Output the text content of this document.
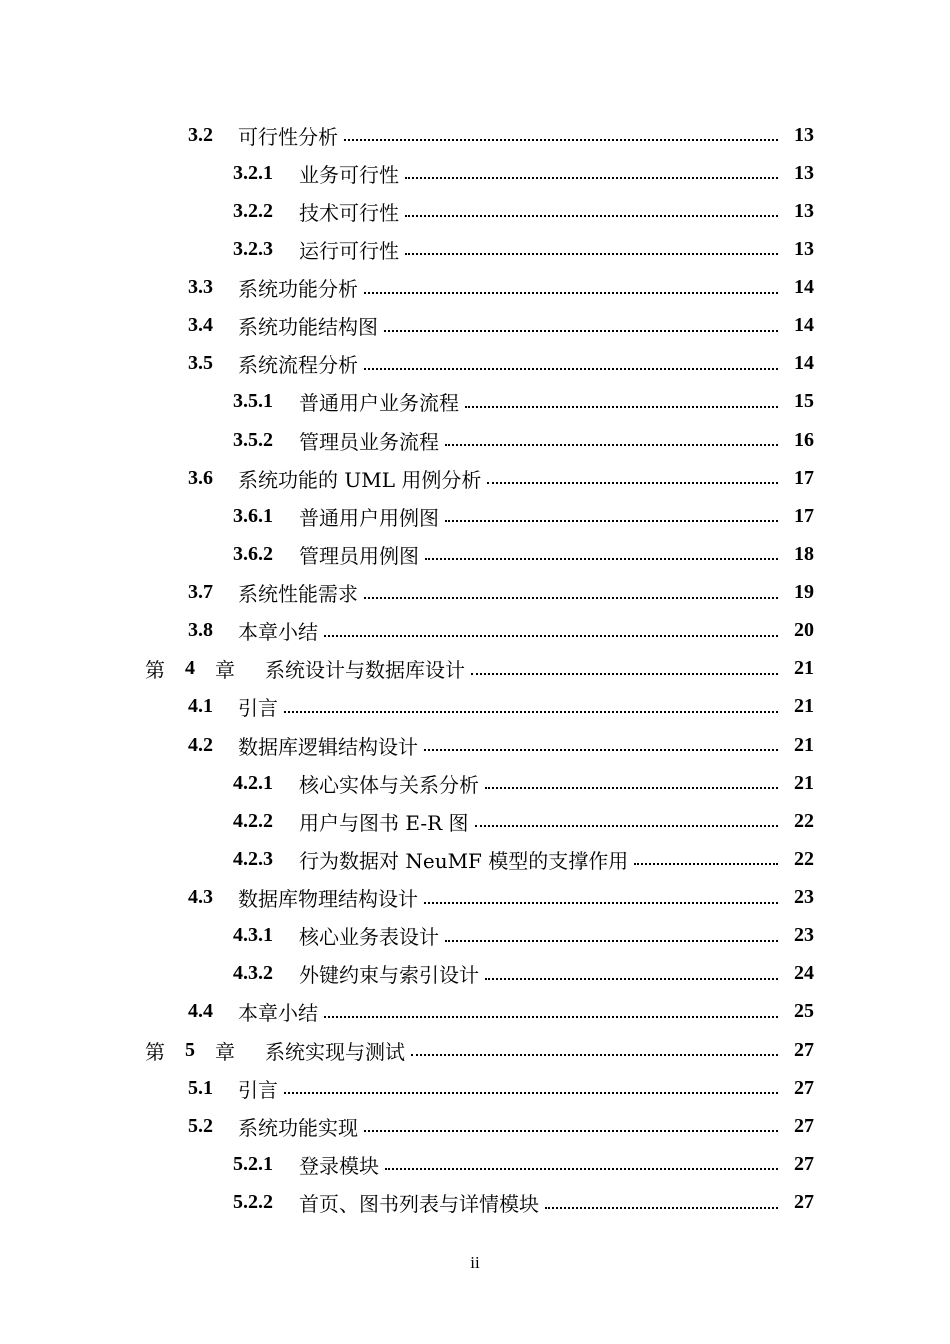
3.2	可行性分析	13
3.2.1	业务可行性	13
3.2.2	技术可行性	13
3.2.3	运行可行性	13
3.3	系统功能分析	14
3.4	系统功能结构图	14
3.5	系统流程分析	14
3.5.1	普通用户业务流程	15
3.5.2	管理员业务流程	16
3.6	系统功能的 UML 用例分析	17
3.6.1	普通用户用例图	17
3.6.2	管理员用例图	18
3.7	系统性能需求	19
3.8	本章小结	20
第 4 章 系统设计与数据库设计	21
4.1	引言	21
4.2	数据库逻辑结构设计	21
4.2.1	核心实体与关系分析	21
4.2.2	用户与图书 E-R 图	22
4.2.3	行为数据对 NeuMF 模型的支撑作用	22
4.3	数据库物理结构设计	23
4.3.1	核心业务表设计	23
4.3.2	外键约束与索引设计	24
4.4	本章小结	25
第 5 章 系统实现与测试	27
5.1	引言	27
5.2	系统功能实现	27
5.2.1	登录模块	27
5.2.2	首页、图书列表与详情模块	27
ii
